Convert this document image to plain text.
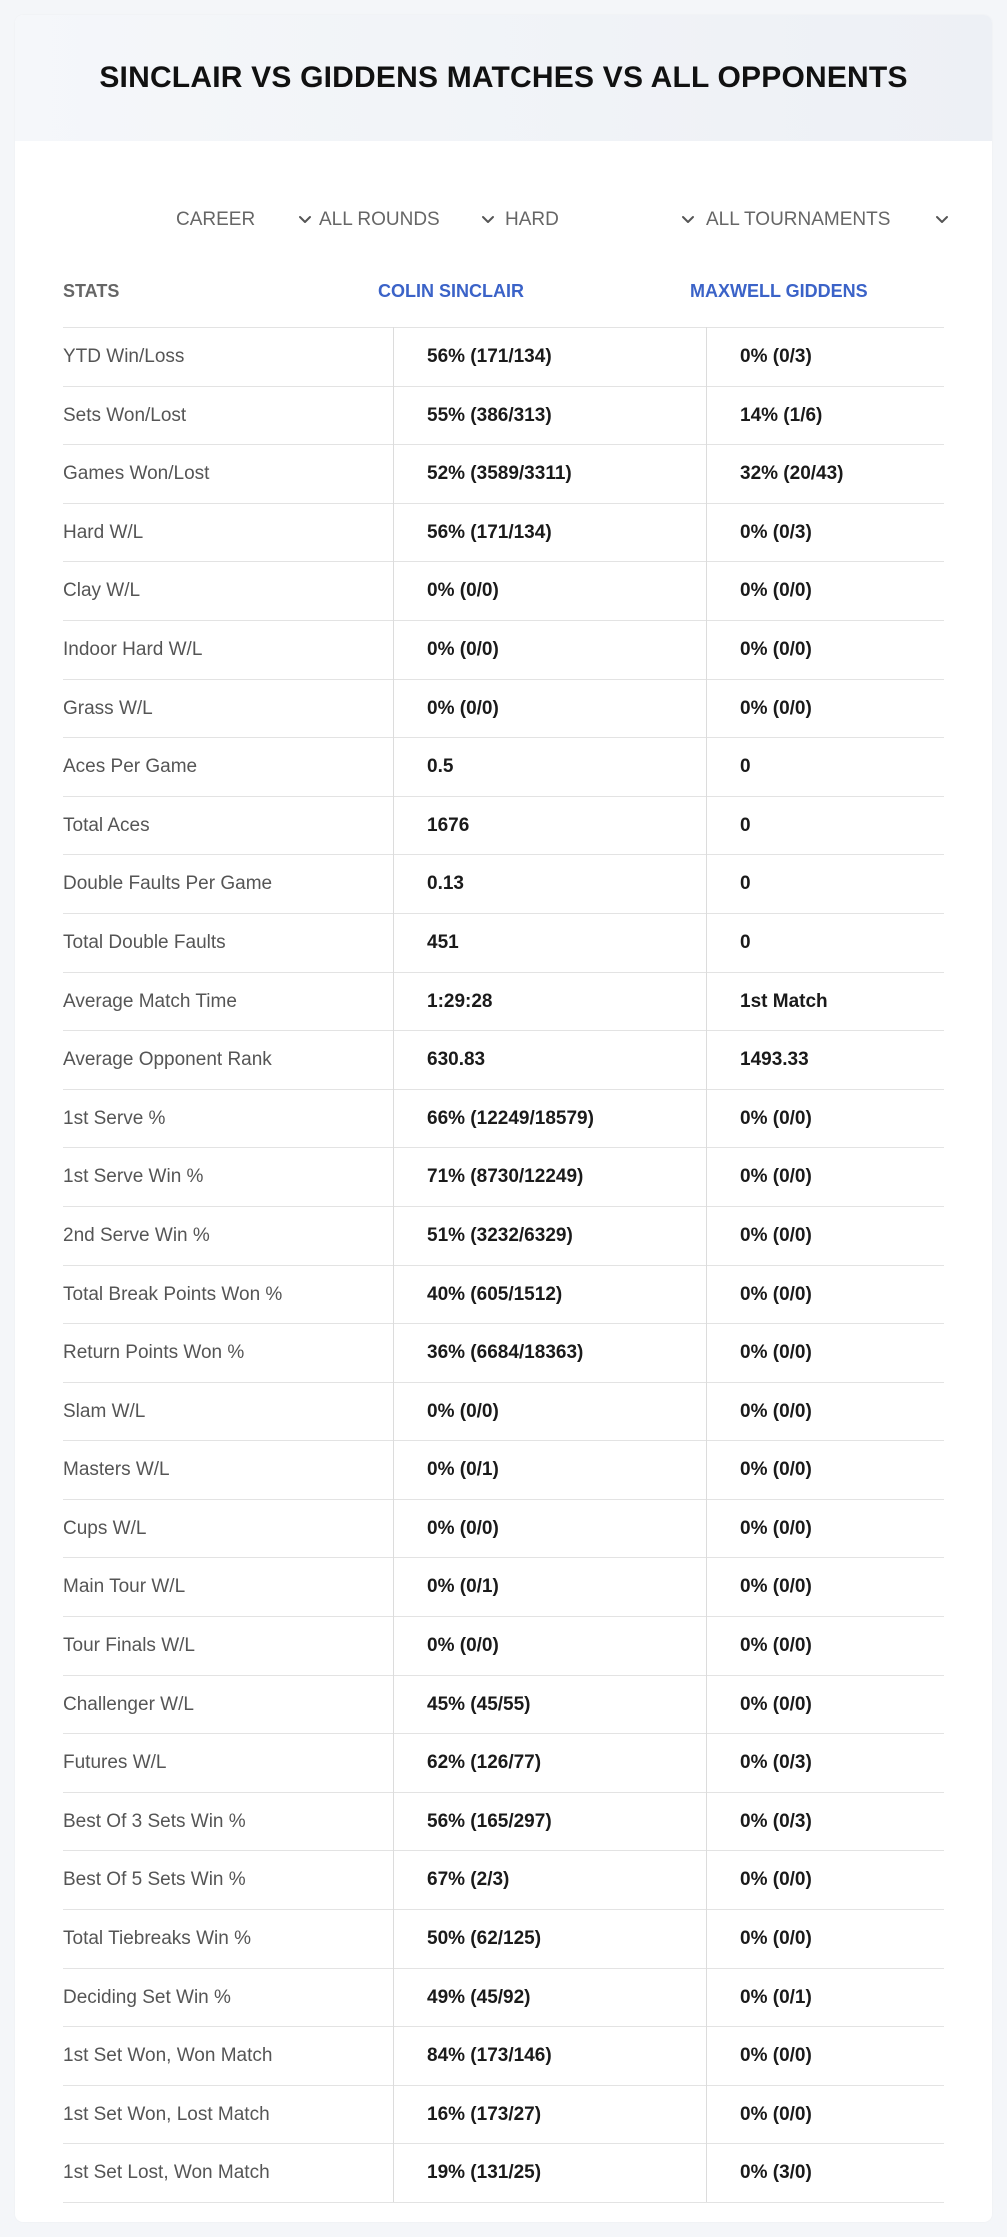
SINCLAIR VS GIDDENS MATCHES VS ALL OPPONENTS
CAREER	ALL ROUNDS	HARD	ALL TOURNAMENTS
STATS	COLIN SINCLAIR	MAXWELL GIDDENS
YTD Win/Loss	56% (171/134)	0% (0/3)
Sets Won/Lost	55% (386/313)	14% (1/6)
Games Won/Lost	52% (3589/3311)	32% (20/43)
Hard W/L	56% (171/134)	0% (0/3)
Clay W/L	0% (0/0)	0% (0/0)
Indoor Hard W/L	0% (0/0)	0% (0/0)
Grass W/L	0% (0/0)	0% (0/0)
Aces Per Game	0.5	0
Total Aces	1676	0
Double Faults Per Game	0.13	0
Total Double Faults	451	0
Average Match Time	1:29:28	1st Match
Average Opponent Rank	630.83	1493.33
1st Serve %	66% (12249/18579)	0% (0/0)
1st Serve Win %	71% (8730/12249)	0% (0/0)
2nd Serve Win %	51% (3232/6329)	0% (0/0)
Total Break Points Won %	40% (605/1512)	0% (0/0)
Return Points Won %	36% (6684/18363)	0% (0/0)
Slam W/L	0% (0/0)	0% (0/0)
Masters W/L	0% (0/1)	0% (0/0)
Cups W/L	0% (0/0)	0% (0/0)
Main Tour W/L	0% (0/1)	0% (0/0)
Tour Finals W/L	0% (0/0)	0% (0/0)
Challenger W/L	45% (45/55)	0% (0/0)
Futures W/L	62% (126/77)	0% (0/3)
Best Of 3 Sets Win %	56% (165/297)	0% (0/3)
Best Of 5 Sets Win %	67% (2/3)	0% (0/0)
Total Tiebreaks Win %	50% (62/125)	0% (0/0)
Deciding Set Win %	49% (45/92)	0% (0/1)
1st Set Won, Won Match	84% (173/146)	0% (0/0)
1st Set Won, Lost Match	16% (173/27)	0% (0/0)
1st Set Lost, Won Match	19% (131/25)	0% (3/0)
